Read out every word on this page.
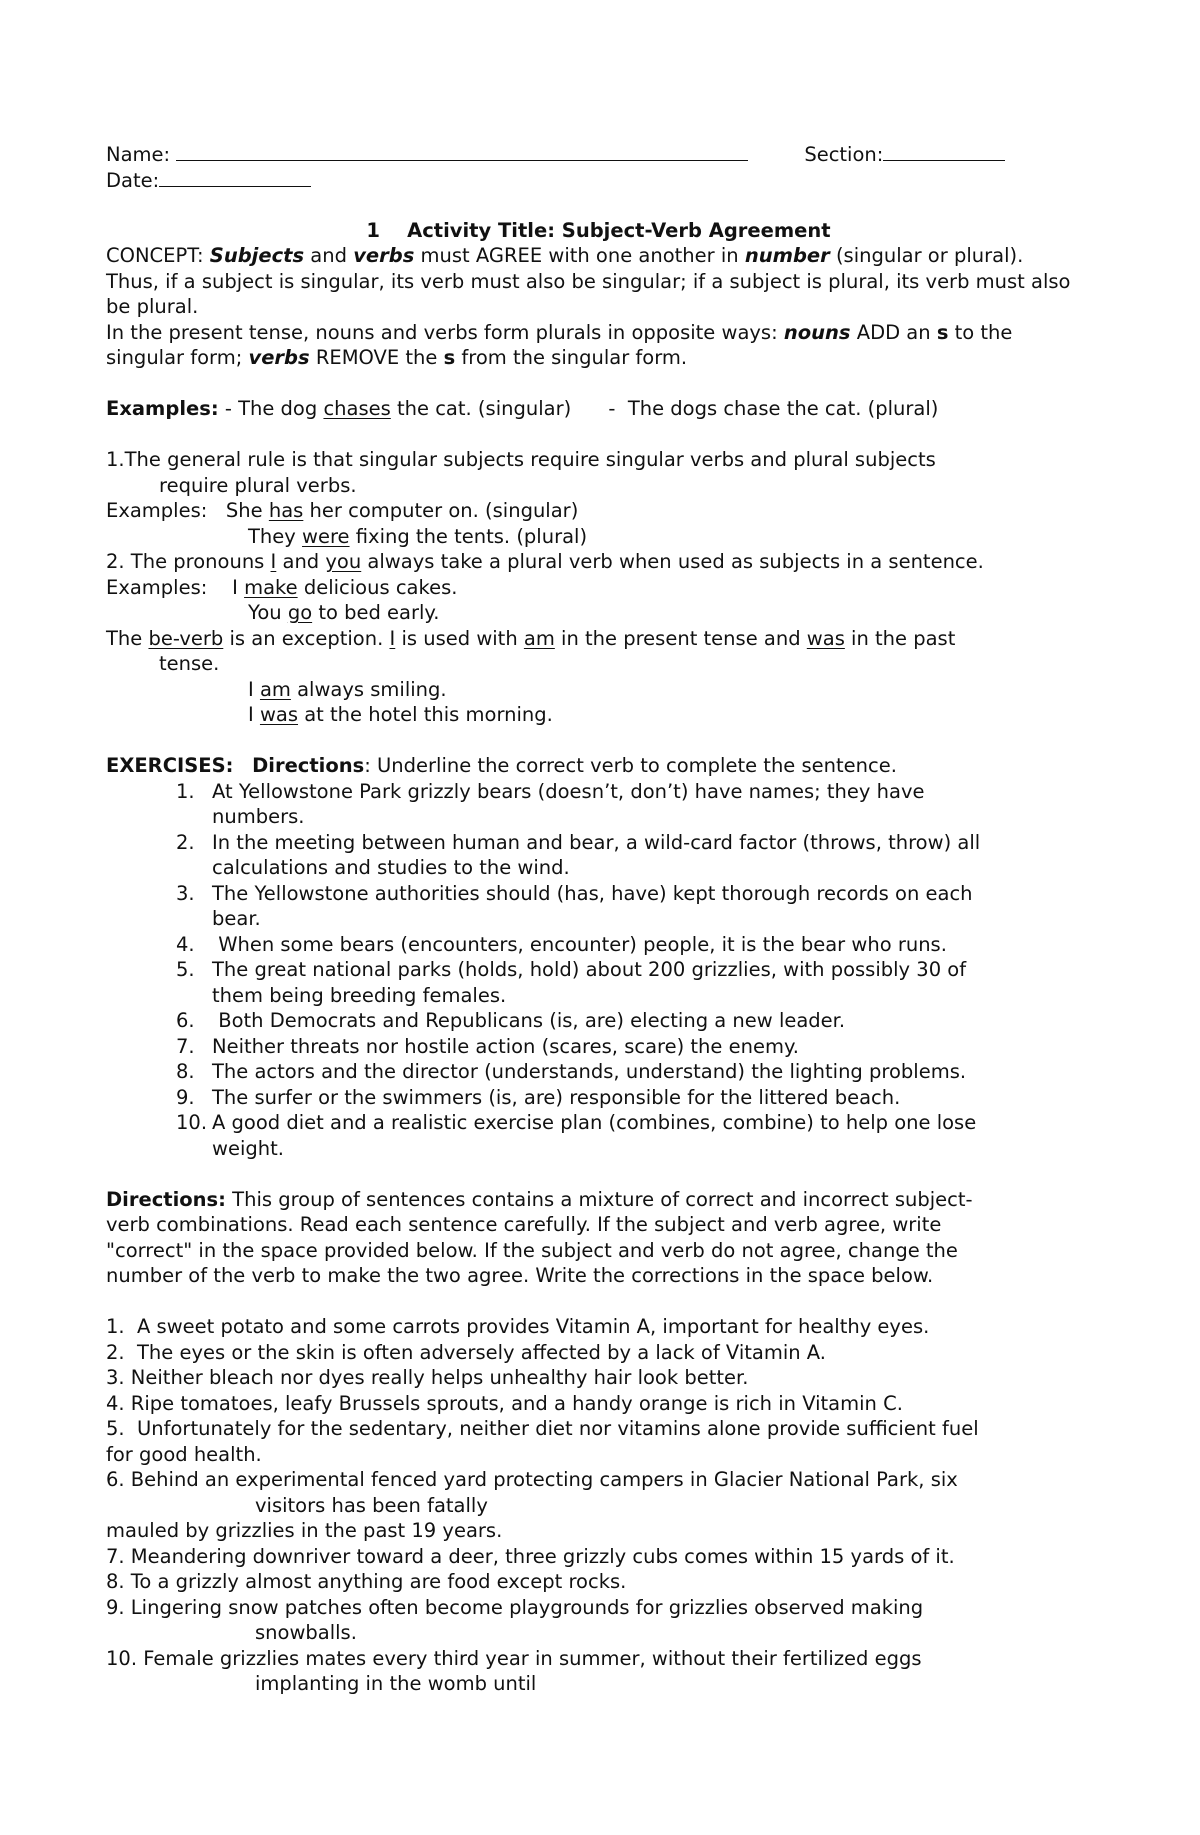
Name:	Section:
Date:
1 Activity Title: Subject-Verb Agreement
CONCEPT: Subjects and verbs must AGREE with one another in number (singular or plural). Thus, if a subject is singular, its verb must also be singular; if a subject is plural, its verb must also be plural.
In the present tense, nouns and verbs form plurals in opposite ways: nouns ADD an s to the singular form; verbs REMOVE the s from the singular form.
Examples: - The dog chases the cat. (singular)      -  The dogs chase the cat. (plural)
1.The general rule is that singular subjects require singular verbs and plural subjects
require plural verbs.
Examples:   She has her computer on. (singular)
They were fixing the tents. (plural)
2. The pronouns I and you always take a plural verb when used as subjects in a sentence.
Examples:    I make delicious cakes.
You go to bed early.
The be-verb is an exception. I is used with am in the present tense and was in the past
tense.
I am always smiling.
I was at the hotel this morning.
EXERCISES: Directions: Underline the correct verb to complete the sentence.
1. At Yellowstone Park grizzly bears (doesn’t, don’t) have names; they have
numbers.
2. In the meeting between human and bear, a wild-card factor (throws, throw) all
calculations and studies to the wind.
3. The Yellowstone authorities should (has, have) kept thorough records on each
bear.
4. When some bears (encounters, encounter) people, it is the bear who runs.
5. The great national parks (holds, hold) about 200 grizzlies, with possibly 30 of
them being breeding females.
6. Both Democrats and Republicans (is, are) electing a new leader.
7. Neither threats nor hostile action (scares, scare) the enemy.
8. The actors and the director (understands, understand) the lighting problems.
9. The surfer or the swimmers (is, are) responsible for the littered beach.
10. A good diet and a realistic exercise plan (combines, combine) to help one lose
weight.
Directions: This group of sentences contains a mixture of correct and incorrect subject-
verb combinations. Read each sentence carefully. If the subject and verb agree, write
"correct" in the space provided below. If the subject and verb do not agree, change the
number of the verb to make the two agree. Write the corrections in the space below.
1.  A sweet potato and some carrots provides Vitamin A, important for healthy eyes.
2.  The eyes or the skin is often adversely affected by a lack of Vitamin A.
3. Neither bleach nor dyes really helps unhealthy hair look better.
4. Ripe tomatoes, leafy Brussels sprouts, and a handy orange is rich in Vitamin C.
5.  Unfortunately for the sedentary, neither diet nor vitamins alone provide sufficient fuel
for good health.
6. Behind an experimental fenced yard protecting campers in Glacier National Park, six
visitors has been fatally
mauled by grizzlies in the past 19 years.
7. Meandering downriver toward a deer, three grizzly cubs comes within 15 yards of it.
8. To a grizzly almost anything are food except rocks.
9. Lingering snow patches often become playgrounds for grizzlies observed making
snowballs.
10. Female grizzlies mates every third year in summer, without their fertilized eggs
implanting in the womb until
